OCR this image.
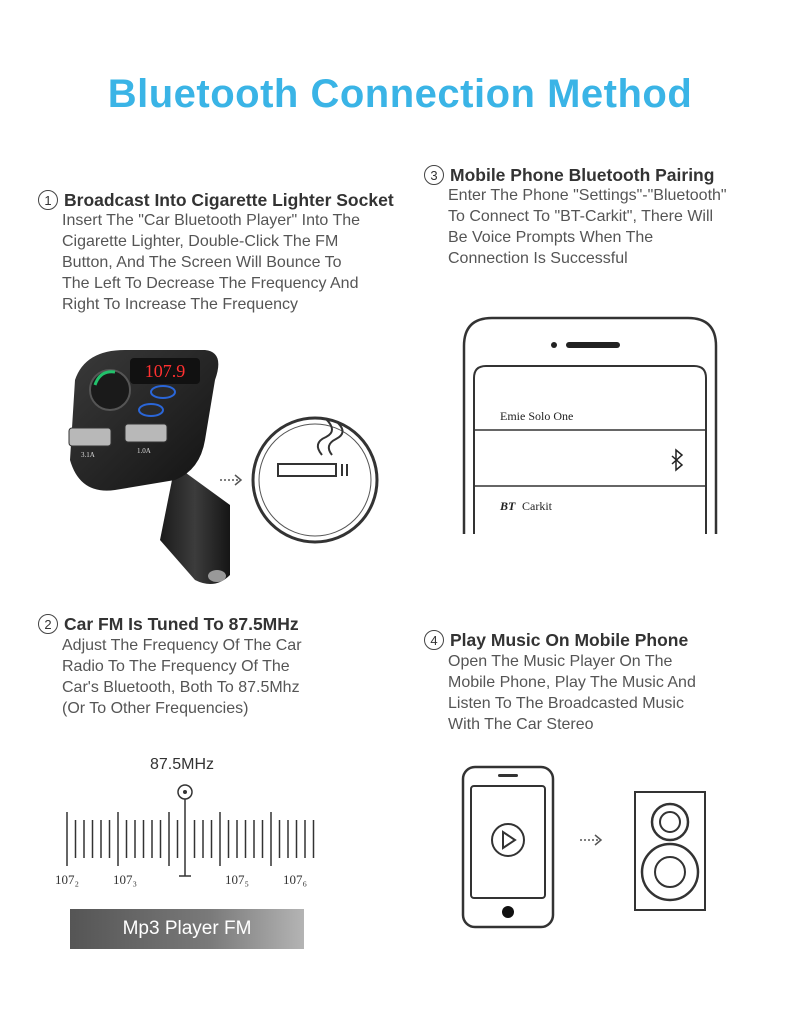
Bluetooth Connection Method
1 Broadcast Into Cigarette Lighter Socket
Insert The "Car Bluetooth Player" Into The
Cigarette Lighter, Double-Click The FM
Button, And The Screen Will Bounce To
The Left To Decrease The Frequency And
Right To Increase The Frequency
3 Mobile Phone Bluetooth Pairing
Enter The Phone "Settings"-"Bluetooth"
To Connect To "BT-Carkit", There Will
Be Voice Prompts When The
Connection Is Successful
2 Car FM Is Tuned To 87.5MHz
Adjust The Frequency Of The Car
Radio To The Frequency Of The
Car's Bluetooth, Both To 87.5Mhz
(Or To Other Frequencies)
4 Play Music On Mobile Phone
Open The Music Player On The
Mobile Phone, Play The Music And
Listen To The Broadcasted Music
With The Car Stereo
107.9
3.1A	1.0A
Emie Solo One
BT Carkit
87.5MHz
107₂	107₃	107₅	107₆
Mp3 Player FM
